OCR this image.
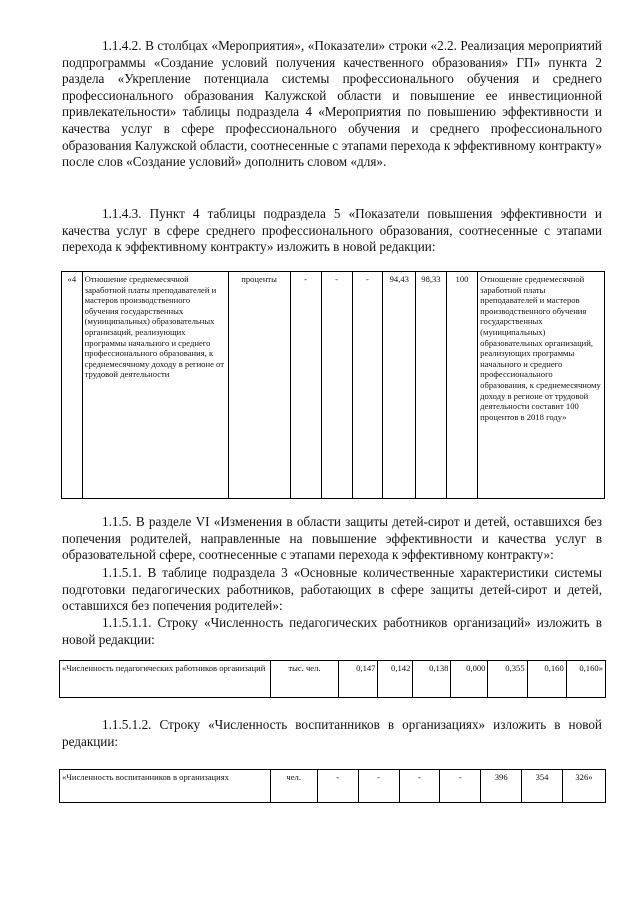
1.1.4.2. В столбцах «Мероприятия», «Показатели» строки «2.2. Реализация мероприятий подпрограммы «Создание условий получения качественного образования» ГП» пункта 2 раздела «Укрепление потенциала системы профессионального обучения и среднего профессионального образования Калужской области и повышение ее инвестиционной привлекательности» таблицы подраздела 4 «Мероприятия по повышению эффективности и качества услуг в сфере профессионального обучения и среднего профессионального образования Калужской области, соотнесенные с этапами перехода к эффективному контракту» после слов «Создание условий» дополнить словом «для».

1.1.4.3. Пункт 4 таблицы подраздела 5 «Показатели повышения эффективности и качества услуг в сфере среднего профессионального образования, соотнесенные с этапами перехода к эффективному контракту» изложить в новой редакции:

«4	Отношение среднемесячной заработной платы преподавателей и мастеров производственного обучения государственных (муниципальных) образовательных организаций, реализующих программы начального и среднего профессионального образования, к среднемесячному доходу в регионе от трудовой деятельности	проценты	-	-	-	94,43	98,33	100	Отношение среднемесячной заработной платы преподавателей и мастеров производственного обучения государственных (муниципальных) образовательных организаций, реализующих программы начального и среднего профессионального образования, к среднемесячному доходу в регионе от трудовой деятельности составит 100 процентов в 2018 году»

1.1.5. В разделе VI «Изменения в области защиты детей-сирот и детей, оставшихся без попечения родителей, направленные на повышение эффективности и качества услуг в образовательной сфере, соотнесенные с этапами перехода к эффективному контракту»:

1.1.5.1. В таблице подраздела 3 «Основные количественные характеристики системы подготовки педагогических работников, работающих в сфере защиты детей-сирот и детей, оставшихся без попечения родителей»:

1.1.5.1.1. Строку «Численность педагогических работников организаций» изложить в новой редакции:

«Численность педагогических работников организаций	тыс. чел.	0,147	0,142	0,138	0,000	0,355	0,160	0,160»

1.1.5.1.2. Строку «Численность воспитанников в организациях» изложить в новой редакции:

«Численность воспитанников в организациях	чел.	-	-	-	-	396	354	326»
